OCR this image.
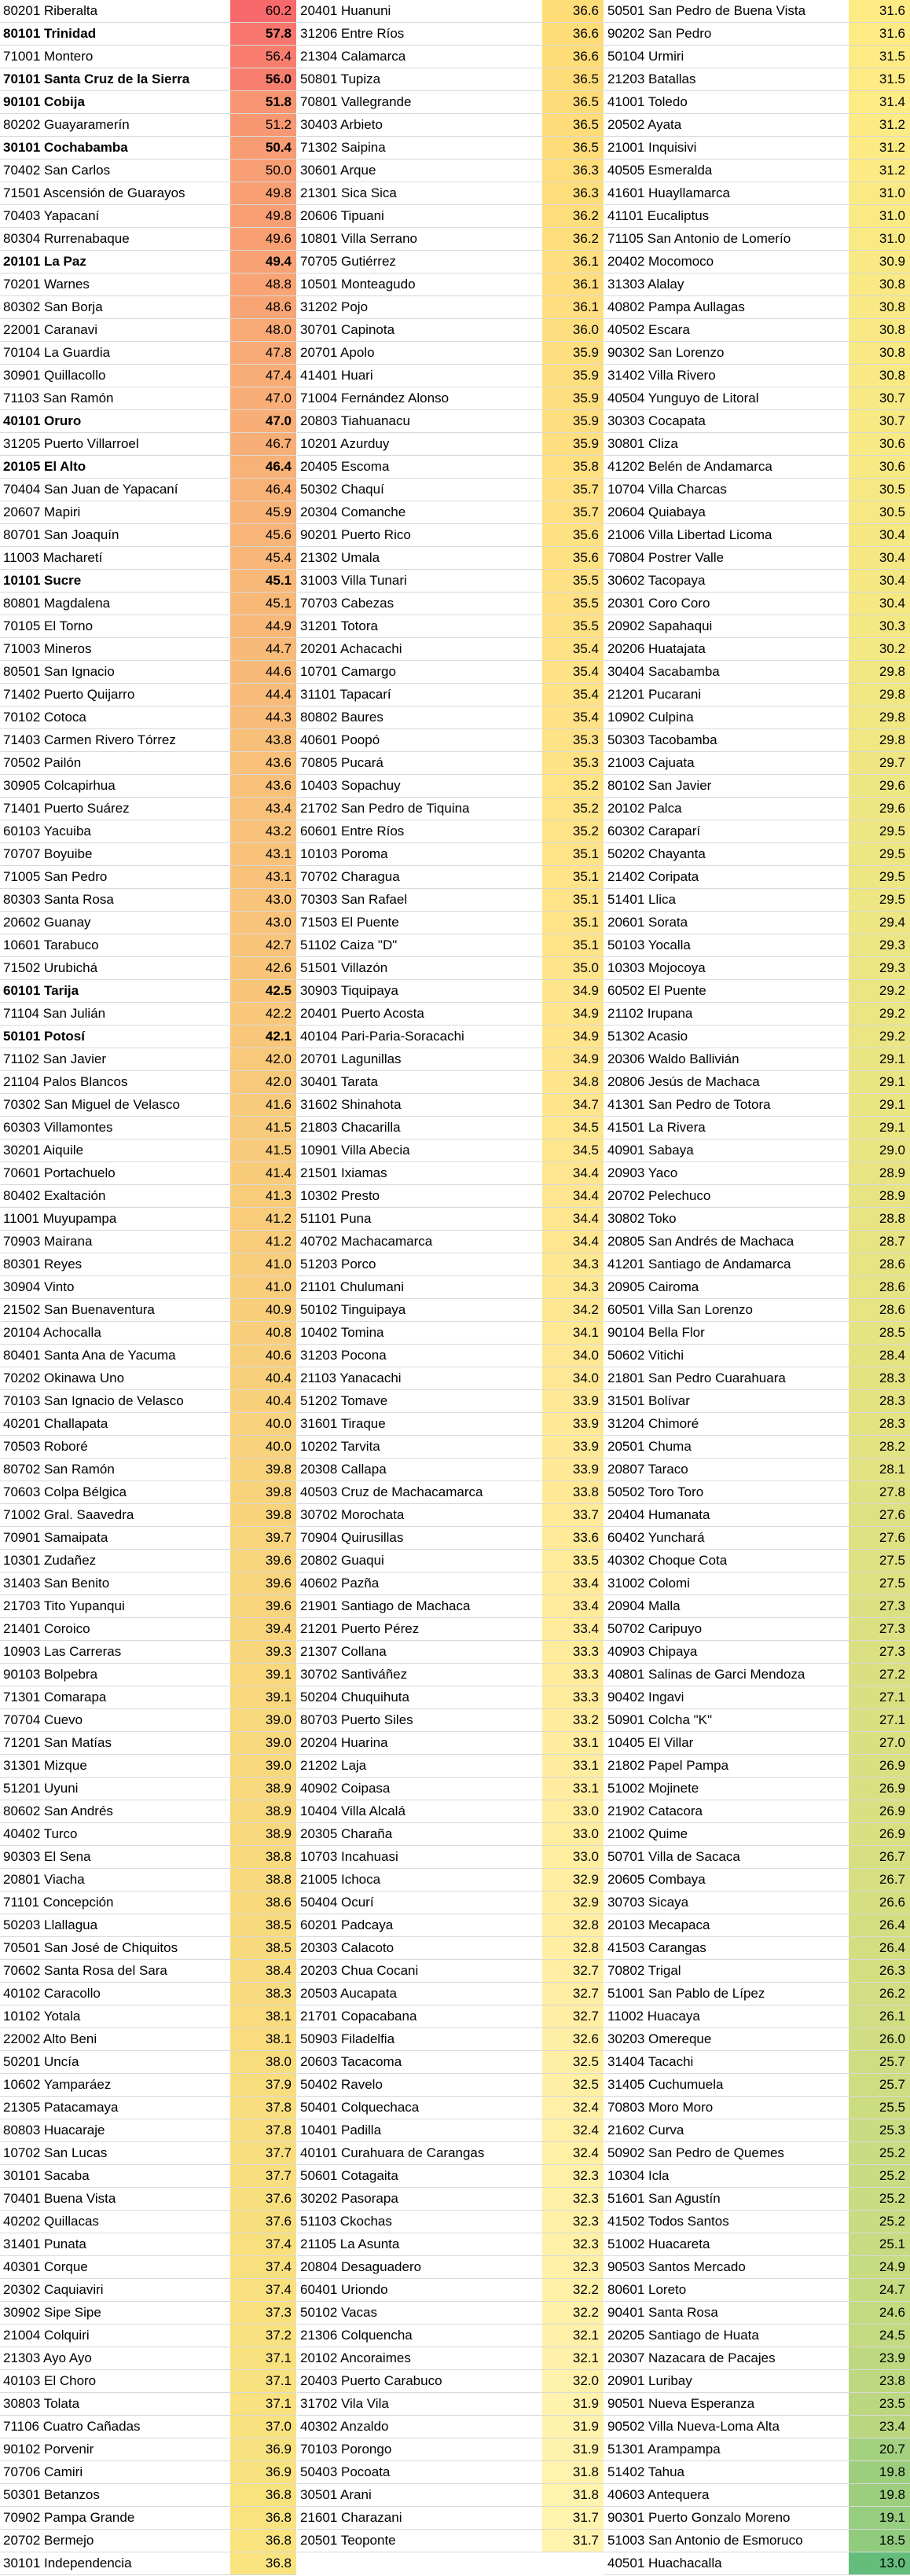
80201 Riberalta	60.2
80101 Trinidad	57.8
71001 Montero	56.4
70101 Santa Cruz de la Sierra	56.0
90101 Cobija	51.8
80202 Guayaramerín	51.2
30101 Cochabamba	50.4
70402 San Carlos	50.0
71501 Ascensión de Guarayos	49.8
70403 Yapacaní	49.8
80304 Rurrenabaque	49.6
20101 La Paz	49.4
70201 Warnes	48.8
80302 San Borja	48.6
22001 Caranavi	48.0
70104 La Guardia	47.8
30901 Quillacollo	47.4
71103 San Ramón	47.0
40101 Oruro	47.0
31205 Puerto Villarroel	46.7
20105 El Alto	46.4
70404 San Juan de Yapacaní	46.4
20607 Mapiri	45.9
80701 San Joaquín	45.6
11003 Macharetí	45.4
10101 Sucre	45.1
80801 Magdalena	45.1
70105 El Torno	44.9
71003 Mineros	44.7
80501 San Ignacio	44.6
71402 Puerto Quijarro	44.4
70102 Cotoca	44.3
71403 Carmen Rivero Tórrez	43.8
70502 Pailón	43.6
30905 Colcapirhua	43.6
71401 Puerto Suárez	43.4
60103 Yacuiba	43.2
70707 Boyuibe	43.1
71005 San Pedro	43.1
80303 Santa Rosa	43.0
20602 Guanay	43.0
10601 Tarabuco	42.7
71502 Urubichá	42.6
60101 Tarija	42.5
71104 San Julián	42.2
50101 Potosí	42.1
71102 San Javier	42.0
21104 Palos Blancos	42.0
70302 San Miguel de Velasco	41.6
60303 Villamontes	41.5
30201 Aiquile	41.5
70601 Portachuelo	41.4
80402 Exaltación	41.3
11001 Muyupampa	41.2
70903 Mairana	41.2
80301 Reyes	41.0
30904 Vinto	41.0
21502 San Buenaventura	40.9
20104 Achocalla	40.8
80401 Santa Ana de Yacuma	40.6
70202 Okinawa Uno	40.4
70103 San Ignacio de Velasco	40.4
40201 Challapata	40.0
70503 Roboré	40.0
80702 San Ramón	39.8
70603 Colpa Bélgica	39.8
71002 Gral. Saavedra	39.8
70901 Samaipata	39.7
10301 Zudañez	39.6
31403 San Benito	39.6
21703 Tito Yupanqui	39.6
21401 Coroico	39.4
10903 Las Carreras	39.3
90103 Bolpebra	39.1
71301 Comarapa	39.1
70704 Cuevo	39.0
71201 San Matías	39.0
31301 Mizque	39.0
51201 Uyuni	38.9
80602 San Andrés	38.9
40402 Turco	38.9
90303 El Sena	38.8
20801 Viacha	38.8
71101 Concepción	38.6
50203 Llallagua	38.5
70501 San José de Chiquitos	38.5
70602 Santa Rosa del Sara	38.4
40102 Caracollo	38.3
10102 Yotala	38.1
22002 Alto Beni	38.1
50201 Uncía	38.0
10602 Yamparáez	37.9
21305 Patacamaya	37.8
80803 Huacaraje	37.8
10702 San Lucas	37.7
30101 Sacaba	37.7
70401 Buena Vista	37.6
40202 Quillacas	37.6
31401 Punata	37.4
40301 Corque	37.4
20302 Caquiaviri	37.4
30902 Sipe Sipe	37.3
21004 Colquiri	37.2
21303 Ayo Ayo	37.1
40103 El Choro	37.1
30803 Tolata	37.1
71106 Cuatro Cañadas	37.0
90102 Porvenir	36.9
70706 Camiri	36.9
50301 Betanzos	36.8
70902 Pampa Grande	36.8
20702 Bermejo	36.8
30101 Independencia	36.8
20401 Huanuni	36.6
31206 Entre Ríos	36.6
21304 Calamarca	36.6
50801 Tupiza	36.5
70801 Vallegrande	36.5
30403 Arbieto	36.5
71302 Saipina	36.5
30601 Arque	36.3
21301 Sica Sica	36.3
20606 Tipuani	36.2
10801 Villa Serrano	36.2
70705 Gutiérrez	36.1
10501 Monteagudo	36.1
31202 Pojo	36.1
30701 Capinota	36.0
20701 Apolo	35.9
41401 Huari	35.9
71004 Fernández Alonso	35.9
20803 Tiahuanacu	35.9
10201 Azurduy	35.9
20405 Escoma	35.8
50302 Chaquí	35.7
20304 Comanche	35.7
90201 Puerto Rico	35.6
21302 Umala	35.6
31003 Villa Tunari	35.5
70703 Cabezas	35.5
31201 Totora	35.5
20201 Achacachi	35.4
10701 Camargo	35.4
31101 Tapacarí	35.4
80802 Baures	35.4
40601 Poopó	35.3
70805 Pucará	35.3
10403 Sopachuy	35.2
21702 San Pedro de Tiquina	35.2
60601 Entre Ríos	35.2
10103 Poroma	35.1
70702 Charagua	35.1
70303 San Rafael	35.1
71503 El Puente	35.1
51102 Caiza "D"	35.1
51501 Villazón	35.0
30903 Tiquipaya	34.9
20401 Puerto Acosta	34.9
40104 Pari-Paria-Soracachi	34.9
20701 Lagunillas	34.9
30401 Tarata	34.8
31602 Shinahota	34.7
21803 Chacarilla	34.5
10901 Villa Abecia	34.5
21501 Ixiamas	34.4
10302 Presto	34.4
51101 Puna	34.4
40702 Machacamarca	34.4
51203 Porco	34.3
21101 Chulumani	34.3
50102 Tinguipaya	34.2
10402 Tomina	34.1
31203 Pocona	34.0
21103 Yanacachi	34.0
51202 Tomave	33.9
31601 Tiraque	33.9
10202 Tarvita	33.9
20308 Callapa	33.9
40503 Cruz de Machacamarca	33.8
30702 Morochata	33.7
70904 Quirusillas	33.6
20802 Guaqui	33.5
40602 Pazña	33.4
21901 Santiago de Machaca	33.4
21201 Puerto Pérez	33.4
21307 Collana	33.3
30702 Santiváñez	33.3
50204 Chuquihuta	33.3
80703 Puerto Siles	33.2
20204 Huarina	33.1
21202 Laja	33.1
40902 Coipasa	33.1
10404 Villa Alcalá	33.0
20305 Charaña	33.0
10703 Incahuasi	33.0
21005 Ichoca	32.9
50404 Ocurí	32.9
60201 Padcaya	32.8
20303 Calacoto	32.8
20203 Chua Cocani	32.7
20503 Aucapata	32.7
21701 Copacabana	32.7
50903 Filadelfia	32.6
20603 Tacacoma	32.5
50402 Ravelo	32.5
50401 Colquechaca	32.4
10401 Padilla	32.4
40101 Curahuara de Carangas	32.4
50601 Cotagaita	32.3
30202 Pasorapa	32.3
51103 Ckochas	32.3
21105 La Asunta	32.3
20804 Desaguadero	32.3
60401 Uriondo	32.2
50102 Vacas	32.2
21306 Colquencha	32.1
20102 Ancoraimes	32.1
20403 Puerto Carabuco	32.0
31702 Vila Vila	31.9
40302 Anzaldo	31.9
70103 Porongo	31.9
50403 Pocoata	31.8
30501 Arani	31.8
21601 Charazani	31.7
20501 Teoponte	31.7
50501 San Pedro de Buena Vista	31.6
90202 San Pedro	31.6
50104 Urmiri	31.5
21203 Batallas	31.5
41001 Toledo	31.4
20502 Ayata	31.2
21001 Inquisivi	31.2
40505 Esmeralda	31.2
41601 Huayllamarca	31.0
41101 Eucaliptus	31.0
71105 San Antonio de Lomerío	31.0
20402 Mocomoco	30.9
31303 Alalay	30.8
40802 Pampa Aullagas	30.8
40502 Escara	30.8
90302 San Lorenzo	30.8
31402 Villa Rivero	30.8
40504 Yunguyo de Litoral	30.7
30303 Cocapata	30.7
30801 Cliza	30.6
41202 Belén de Andamarca	30.6
10704 Villa Charcas	30.5
20604 Quiabaya	30.5
21006 Villa Libertad Licoma	30.4
70804 Postrer Valle	30.4
30602 Tacopaya	30.4
20301 Coro Coro	30.4
20902 Sapahaqui	30.3
20206 Huatajata	30.2
30404 Sacabamba	29.8
21201 Pucarani	29.8
10902 Culpina	29.8
50303 Tacobamba	29.8
21003 Cajuata	29.7
80102 San Javier	29.6
20102 Palca	29.6
60302 Caraparí	29.5
50202 Chayanta	29.5
21402 Coripata	29.5
51401 Llica	29.5
20601 Sorata	29.4
50103 Yocalla	29.3
10303 Mojocoya	29.3
60502 El Puente	29.2
21102 Irupana	29.2
51302 Acasio	29.2
20306 Waldo Ballivián	29.1
20806 Jesús de Machaca	29.1
41301 San Pedro de Totora	29.1
41501 La Rivera	29.1
40901 Sabaya	29.0
20903 Yaco	28.9
20702 Pelechuco	28.9
30802 Toko	28.8
20805 San Andrés de Machaca	28.7
41201 Santiago de Andamarca	28.6
20905 Cairoma	28.6
60501 Villa San Lorenzo	28.6
90104 Bella Flor	28.5
50602 Vitichi	28.4
21801 San Pedro Cuarahuara	28.3
31501 Bolívar	28.3
31204 Chimoré	28.3
20501 Chuma	28.2
20807 Taraco	28.1
50502 Toro Toro	27.8
20404 Humanata	27.6
60402 Yunchará	27.6
40302 Choque Cota	27.5
31002 Colomi	27.5
20904 Malla	27.3
50702 Caripuyo	27.3
40903 Chipaya	27.3
40801 Salinas de Garci Mendoza	27.2
90402 Ingavi	27.1
50901 Colcha "K"	27.1
10405 El Villar	27.0
21802 Papel Pampa	26.9
51002 Mojinete	26.9
21902 Catacora	26.9
21002 Quime	26.9
50701 Villa de Sacaca	26.7
20605 Combaya	26.7
30703 Sicaya	26.6
20103 Mecapaca	26.4
41503 Carangas	26.4
70802 Trigal	26.3
51001 San Pablo de Lípez	26.2
11002 Huacaya	26.1
30203 Omereque	26.0
31404 Tacachi	25.7
31405 Cuchumuela	25.7
70803 Moro Moro	25.5
21602 Curva	25.3
50902 San Pedro de Quemes	25.2
10304 Icla	25.2
51601 San Agustín	25.2
41502 Todos Santos	25.2
51002 Huacareta	25.1
90503 Santos Mercado	24.9
80601 Loreto	24.7
90401 Santa Rosa	24.6
20205 Santiago de Huata	24.5
20307 Nazacara de Pacajes	23.9
20901 Luribay	23.8
90501 Nueva Esperanza	23.5
90502 Villa Nueva-Loma Alta	23.4
51301 Arampampa	20.7
51402 Tahua	19.8
40603 Antequera	19.8
90301 Puerto Gonzalo Moreno	19.1
51003 San Antonio de Esmoruco	18.5
40501 Huachacalla	13.0
